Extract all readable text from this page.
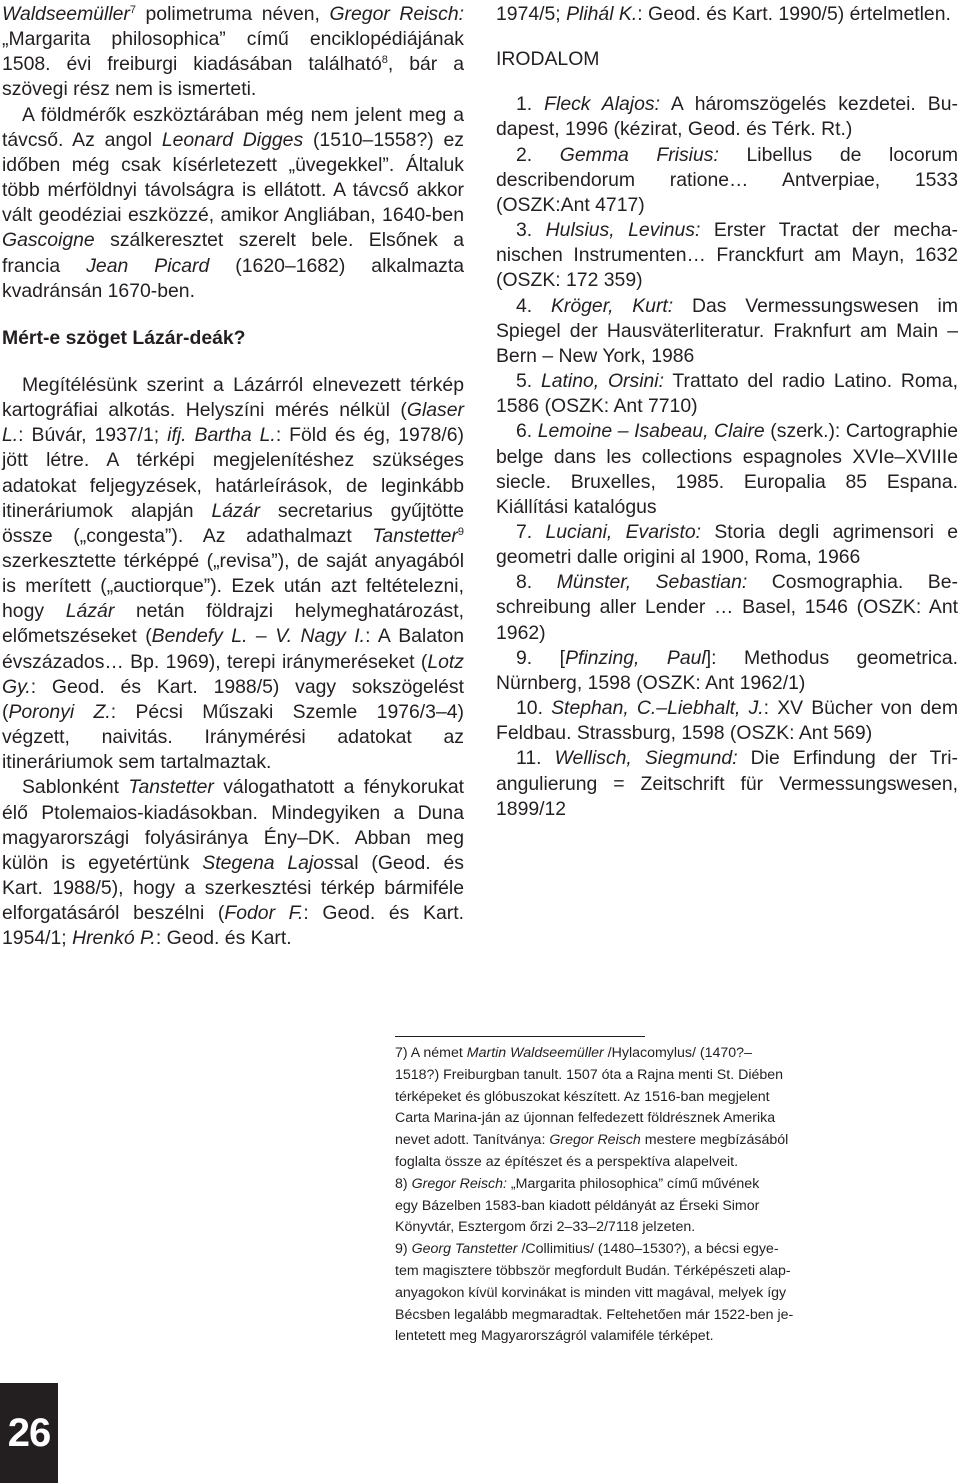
Waldseemüller$^7$ polimetruma néven, Gregor Reisch: „Margarita philosophica” című enciklopédiájának 1508. évi freiburgi kiadásában található$^8$, bár a szövegi rész nem is ismerteti.

A földmérők eszköztárában még nem jelent meg a távcső. Az angol Leonard Digges (1510–1558?) ez időben még csak kísérletezett „üvegekkel”. Általuk több mérföldnyi távolságra is ellátott. A távcső akkor vált geodéziai eszközzé, amikor Angliában, 1640-ben Gascoigne szálkeresztet szerelt bele. Elsőnek a francia Jean Picard (1620–1682) alkalmazta kvadránsán 1670-ben.

Mért-e szöget Lázár-deák?

Megítélésünk szerint a Lázárról elnevezett térkép kartográfiai alkotás. Helyszíni mérés nélkül (Glaser L.: Búvár, 1937/1; ifj. Bartha L.: Föld és ég, 1978/6) jött létre. A térképi megjelenítéshez szükséges adatokat feljegyzések, határleírások, de leginkább itineráriumok alapján Lázár secretarius gyűjtötte össze („congesta”). Az adathalmazt Tanstetter$^9$ szerkesztette térképpé („revisa”), de saját anyagából is merített („auctiorque”). Ezek után azt feltételezni, hogy Lázár netán földrajzi helymeghatározást, előmetszéseket (Bendefy L. – V. Nagy I.: A Balaton évszázados… Bp. 1969), terepi iránymeréseket (Lotz Gy.: Geod. és Kart. 1988/5) vagy sokszögelést (Poronyi Z.: Pécsi Műszaki Szemle 1976/3–4) végzett, naivitás. Iránymérési adatokat az itineráriumok sem tartalmaztak.

Sablonként Tanstetter válogathatott a fénykorukat élő Ptolemaios-kiadásokban. Mindegyiken a Duna magyarországi folyásiránya Ény–DK. Abban meg külön is egyetértünk Stegena Lajossal (Geod. és Kart. 1988/5), hogy a szerkesztési térkép bármiféle elforgatásáról beszélni (Fodor F.: Geod. és Kart. 1954/1; Hrenkó P.: Geod. és Kart.

1974/5; Plihál K.: Geod. és Kart. 1990/5) értelmetlen.

IRODALOM

1. Fleck Alajos: A háromszögelés kezdetei. Budapest, 1996 (kézirat, Geod. és Térk. Rt.)

2. Gemma Frisius: Libellus de locorum describendorum ratione… Antverpiae, 1533 (OSZK:Ant 4717)

3. Hulsius, Levinus: Erster Tractat der mechanischen Instrumenten… Franckfurt am Mayn, 1632 (OSZK: 172 359)

4. Kröger, Kurt: Das Vermessungswesen im Spiegel der Hausväterliteratur. Fraknfurt am Main – Bern – New York, 1986

5. Latino, Orsini: Trattato del radio Latino. Roma, 1586 (OSZK: Ant 7710)

6. Lemoine – Isabeau, Claire (szerk.): Cartographie belge dans les collections espagnoles XVIe–XVIIIe siecle. Bruxelles, 1985. Europalia 85 Espana. Kiállítási katalógus

7. Luciani, Evaristo: Storia degli agrimensori e geometri dalle origini al 1900, Roma, 1966

8. Münster, Sebastian: Cosmographia. Beschreibung aller Lender … Basel, 1546 (OSZK: Ant 1962)

9. [Pfinzing, Paul]: Methodus geometrica. Nürnberg, 1598 (OSZK: Ant 1962/1)

10. Stephan, C.–Liebhalt, J.: XV Bücher von dem Feldbau. Strassburg, 1598 (OSZK: Ant 569)

11. Wellisch, Siegmund: Die Erfindung der Triangulierung = Zeitschrift für Vermessungswesen, 1899/12

7) A német Martin Waldseemüller /Hylacomylus/ (1470?–
1518?) Freiburgban tanult. 1507 óta a Rajna menti St. Diében
térképeket és glóbuszokat készített. Az 1516-ban megjelent
Carta Marina-ján az újonnan felfedezett földrésznek Amerika
nevet adott. Tanítványa: Gregor Reisch mestere megbízásából
foglalta össze az építészet és a perspektíva alapelveit.

8) Gregor Reisch: „Margarita philosophica” című művének
egy Bázelben 1583-ban kiadott példányát az Érseki Simor
Könyvtár, Esztergom őrzi 2–33–2/7118 jelzeten.

9) Georg Tanstetter /Collimitius/ (1480–1530?), a bécsi egye-
tem magisztere többször megfordult Budán. Térképészeti alap-
anyagokon kívül korvinákat is minden vitt magával, melyek így
Bécsben legalább megmaradtak. Feltehetően már 1522-ben je-
lentetett meg Magyarországról valamiféle térképet.

26
